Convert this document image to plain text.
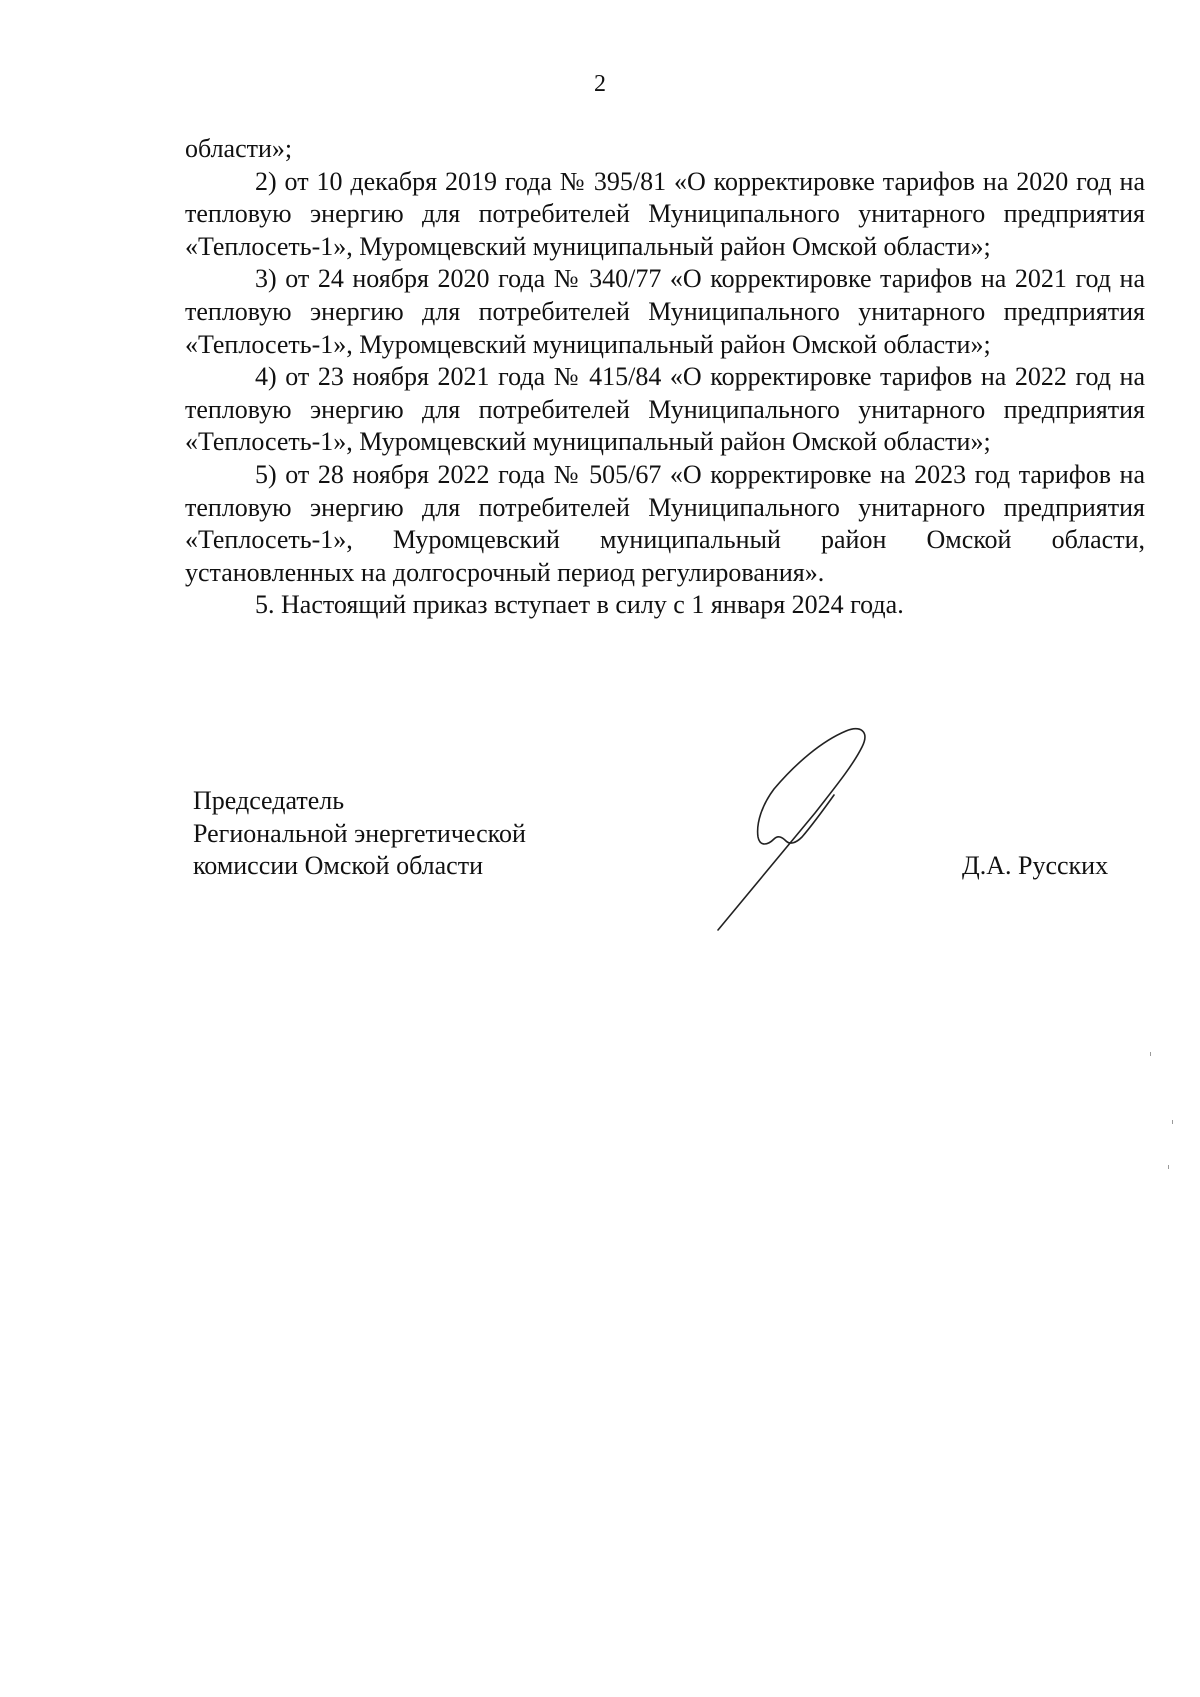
2

области»;

2) от 10 декабря 2019 года № 395/81 «О корректировке тарифов на 2020 год на тепловую энергию для потребителей Муниципального унитарного предприятия «Теплосеть-1», Муромцевский муниципальный район Омской области»;

3) от 24 ноября 2020 года № 340/77 «О корректировке тарифов на 2021 год на тепловую энергию для потребителей Муниципального унитарного предприятия «Теплосеть-1», Муромцевский муниципальный район Омской области»;

4) от 23 ноября 2021 года № 415/84 «О корректировке тарифов на 2022 год на тепловую энергию для потребителей Муниципального унитарного предприятия «Теплосеть-1», Муромцевский муниципальный район Омской области»;

5) от 28 ноября 2022 года № 505/67 «О корректировке на 2023 год тарифов на тепловую энергию для потребителей Муниципального унитарного предприятия «Теплосеть-1», Муромцевский муниципальный район Омской области, установленных на долгосрочный период регулирования».

5. Настоящий приказ вступает в силу с 1 января 2024 года.

Председатель
Региональной энергетической
комиссии Омской области	Д.А. Русских
